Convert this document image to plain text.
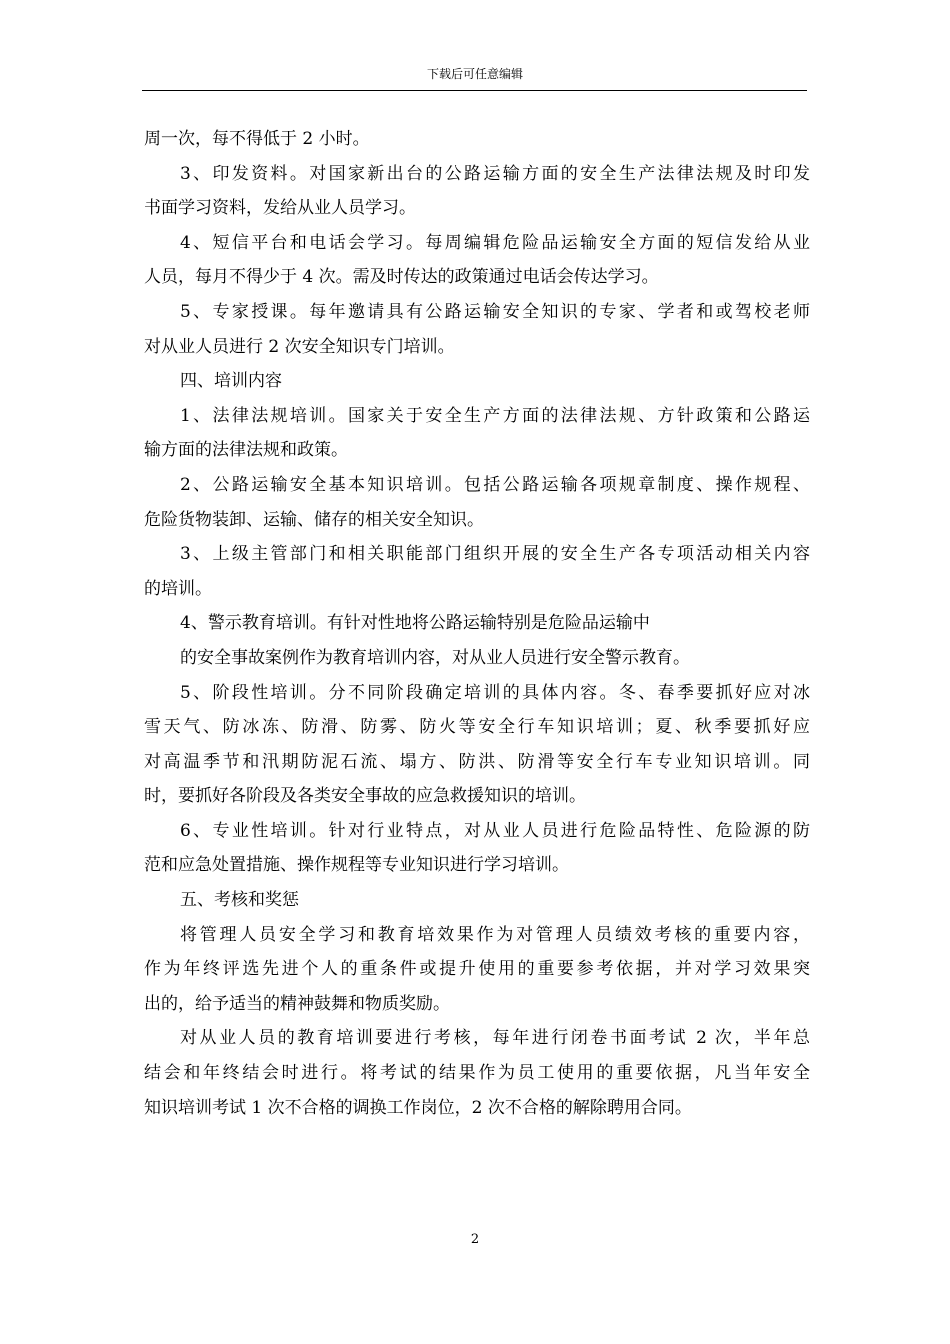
下载后可任意编辑
周一次，每不得低于 2 小时。
3、印发资料。对国家新出台的公路运输方面的安全生产法律法规及时印发
书面学习资料，发给从业人员学习。
4、短信平台和电话会学习。每周编辑危险品运输安全方面的短信发给从业
人员，每月不得少于 4 次。需及时传达的政策通过电话会传达学习。
5、专家授课。每年邀请具有公路运输安全知识的专家、学者和或驾校老师
对从业人员进行 2 次安全知识专门培训。
四、培训内容
1、法律法规培训。国家关于安全生产方面的法律法规、方针政策和公路运
输方面的法律法规和政策。
2、公路运输安全基本知识培训。包括公路运输各项规章制度、操作规程、
危险货物装卸、运输、储存的相关安全知识。
3、上级主管部门和相关职能部门组织开展的安全生产各专项活动相关内容
的培训。
4、警示教育培训。有针对性地将公路运输特别是危险品运输中
的安全事故案例作为教育培训内容，对从业人员进行安全警示教育。
5、阶段性培训。分不同阶段确定培训的具体内容。冬、春季要抓好应对冰
雪天气、防冰冻、防滑、防雾、防火等安全行车知识培训；夏、秋季要抓好应
对高温季节和汛期防泥石流、塌方、防洪、防滑等安全行车专业知识培训。同
时，要抓好各阶段及各类安全事故的应急救援知识的培训。
6、专业性培训。针对行业特点，对从业人员进行危险品特性、危险源的防
范和应急处置措施、操作规程等专业知识进行学习培训。
五、考核和奖惩
将管理人员安全学习和教育培效果作为对管理人员绩效考核的重要内容，
作为年终评选先进个人的重条件或提升使用的重要参考依据，并对学习效果突
出的，给予适当的精神鼓舞和物质奖励。
对从业人员的教育培训要进行考核，每年进行闭卷书面考试 2 次，半年总
结会和年终结会时进行。将考试的结果作为员工使用的重要依据，凡当年安全
知识培训考试 1 次不合格的调换工作岗位，2 次不合格的解除聘用合同。
2
